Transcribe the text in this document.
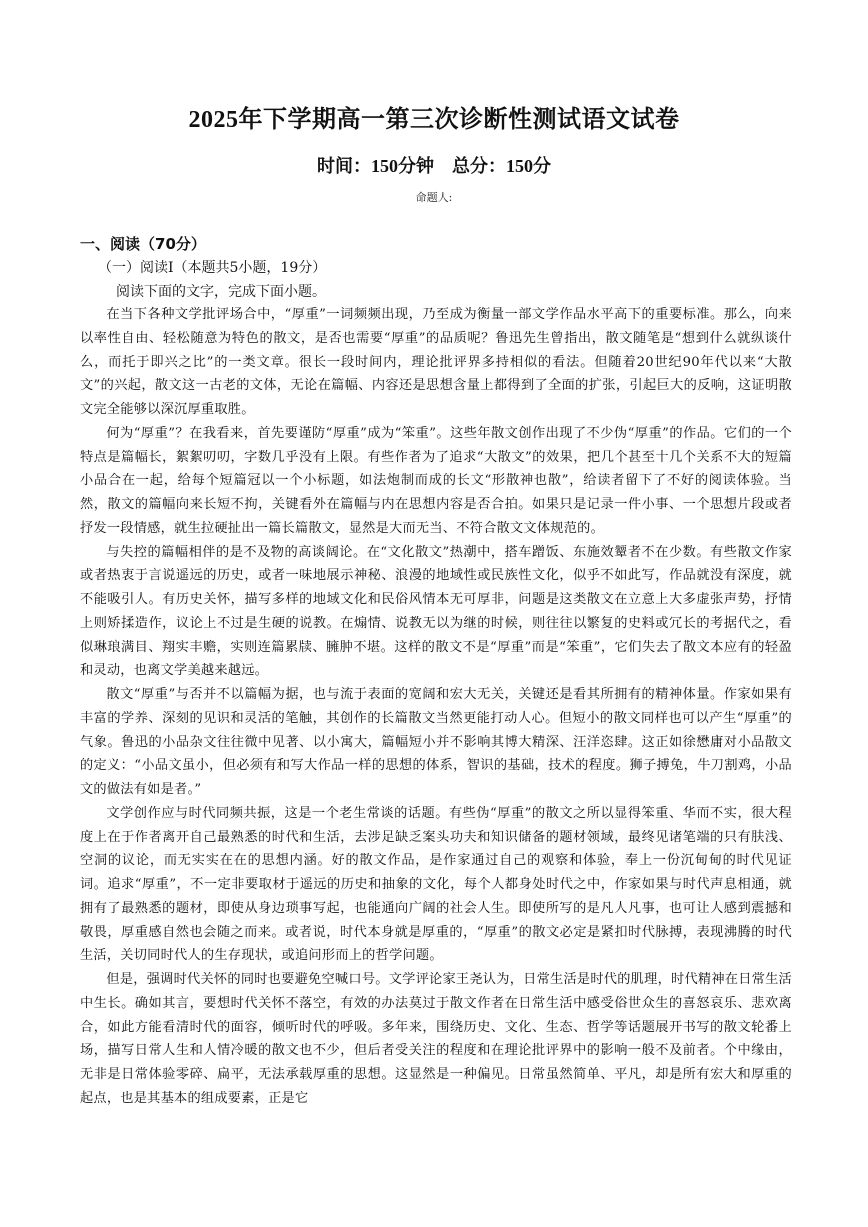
2025年下学期高一第三次诊断性测试语文试卷
时间：150分钟　总分：150分
命题人:
一、阅读（70分）
（一）阅读I（本题共5小题，19分）
阅读下面的文字，完成下面小题。

在当下各种文学批评场合中，“厚重”一词频频出现，乃至成为衡量一部文学作品水平高下的重要标准。那么，向来以率性自由、轻松随意为特色的散文，是否也需要“厚重”的品质呢？鲁迅先生曾指出，散文随笔是“想到什么就纵谈什么，而托于即兴之比”的一类文章。很长一段时间内，理论批评界多持相似的看法。但随着20世纪90年代以来“大散文”的兴起，散文这一古老的文体，无论在篇幅、内容还是思想含量上都得到了全面的扩张，引起巨大的反响，这证明散文完全能够以深沉厚重取胜。

何为“厚重”？在我看来，首先要谨防“厚重”成为“笨重”。这些年散文创作出现了不少伪“厚重”的作品。它们的一个特点是篇幅长，絮絮叨叨，字数几乎没有上限。有些作者为了追求“大散文”的效果，把几个甚至十几个关系不大的短篇小品合在一起，给每个短篇冠以一个小标题，如法炮制而成的长文“形散神也散”，给读者留下了不好的阅读体验。当然，散文的篇幅向来长短不拘，关键看外在篇幅与内在思想内容是否合拍。如果只是记录一件小事、一个思想片段或者抒发一段情感，就生拉硬扯出一篇长篇散文，显然是大而无当、不符合散文文体规范的。

与失控的篇幅相伴的是不及物的高谈阔论。在“文化散文”热潮中，搭车蹭饭、东施效颦者不在少数。有些散文作家或者热衷于言说遥远的历史，或者一味地展示神秘、浪漫的地域性或民族性文化，似乎不如此写，作品就没有深度，就不能吸引人。有历史关怀，描写多样的地域文化和民俗风情本无可厚非，问题是这类散文在立意上大多虚张声势，抒情上则矫揉造作，议论上不过是生硬的说教。在煽情、说教无以为继的时候，则往往以繁复的史料或冗长的考据代之，看似琳琅满目、翔实丰赡，实则连篇累牍、臃肿不堪。这样的散文不是“厚重”而是“笨重”，它们失去了散文本应有的轻盈和灵动，也离文学美越来越远。

散文“厚重”与否并不以篇幅为据，也与流于表面的宽阔和宏大无关，关键还是看其所拥有的精神体量。作家如果有丰富的学养、深刻的见识和灵活的笔触，其创作的长篇散文当然更能打动人心。但短小的散文同样也可以产生“厚重”的气象。鲁迅的小品杂文往往微中见著、以小寓大，篇幅短小并不影响其博大精深、汪洋恣肆。这正如徐懋庸对小品散文的定义：“小品文虽小，但必须有和写大作品一样的思想的体系，智识的基础，技术的程度。狮子搏兔，牛刀割鸡，小品文的做法有如是者。”

文学创作应与时代同频共振，这是一个老生常谈的话题。有些伪“厚重”的散文之所以显得笨重、华而不实，很大程度上在于作者离开自己最熟悉的时代和生活，去涉足缺乏案头功夫和知识储备的题材领域，最终见诸笔端的只有肤浅、空洞的议论，而无实实在在的思想内涵。好的散文作品，是作家通过自己的观察和体验，奉上一份沉甸甸的时代见证词。追求“厚重”，不一定非要取材于遥远的历史和抽象的文化，每个人都身处时代之中，作家如果与时代声息相通，就拥有了最熟悉的题材，即使从身边琐事写起，也能通向广阔的社会人生。即使所写的是凡人凡事，也可让人感到震撼和敬畏，厚重感自然也会随之而来。或者说，时代本身就是厚重的，“厚重”的散文必定是紧扣时代脉搏，表现沸腾的时代生活，关切同时代人的生存现状，或追问形而上的哲学问题。

但是，强调时代关怀的同时也要避免空喊口号。文学评论家王尧认为，日常生活是时代的肌理，时代精神在日常生活中生长。确如其言，要想时代关怀不落空，有效的办法莫过于散文作者在日常生活中感受俗世众生的喜怒哀乐、悲欢离合，如此方能看清时代的面容，倾听时代的呼吸。多年来，围绕历史、文化、生态、哲学等话题展开书写的散文轮番上场，描写日常人生和人情冷暖的散文也不少，但后者受关注的程度和在理论批评界中的影响一般不及前者。个中缘由，无非是日常体验零碎、扁平，无法承载厚重的思想。这显然是一种偏见。日常虽然简单、平凡，却是所有宏大和厚重的起点，也是其基本的组成要素，正是它
